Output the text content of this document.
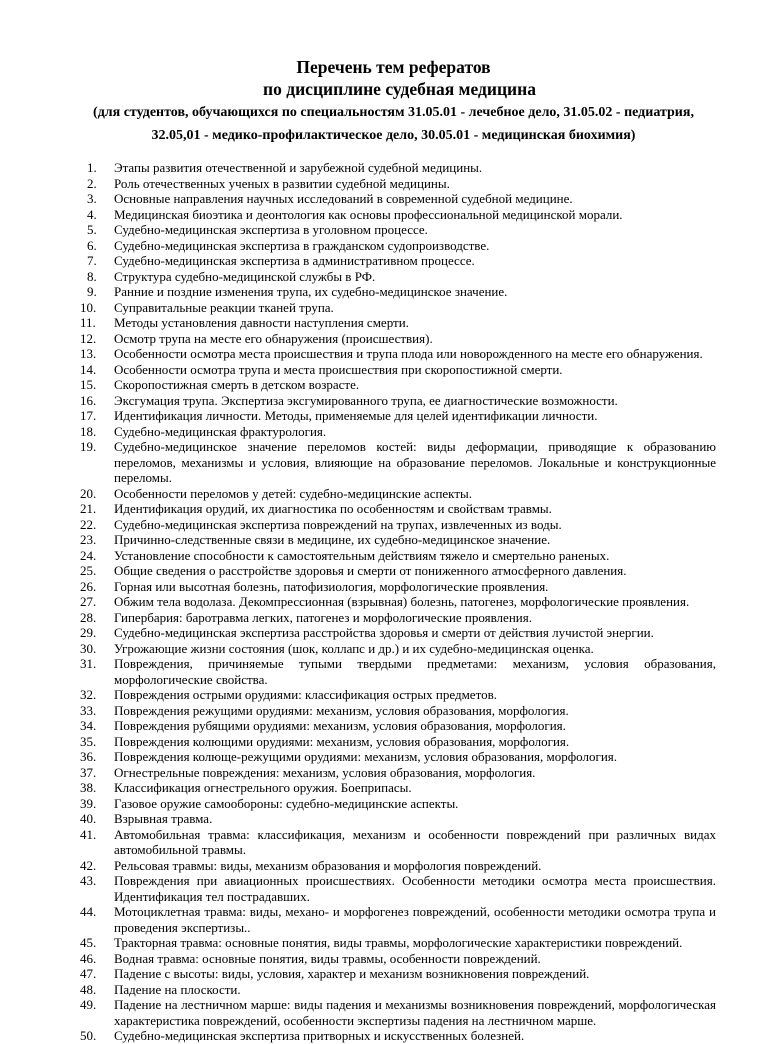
Перечень тем рефератов
по дисциплине судебная медицина
(для студентов, обучающихся по специальностям 31.05.01 - лечебное дело, 31.05.02 - педиатрия,
32.05,01 - медико-профилактическое дело, 30.05.01 - медицинская биохимия)
1.	Этапы развития отечественной и зарубежной судебной медицины.
2.	Роль отечественных ученых в развитии судебной медицины.
3.	Основные направления научных исследований в современной судебной медицине.
4.	Медицинская биоэтика и деонтология как основы профессиональной медицинской морали.
5.	Судебно-медицинская экспертиза в уголовном процессе.
6.	Судебно-медицинская экспертиза в гражданском судопроизводстве.
7.	Судебно-медицинская экспертиза в административном процессе.
8.	Структура судебно-медицинской службы в РФ.
9.	Ранние и поздние изменения трупа, их судебно-медицинское значение.
10.	Суправитальные реакции тканей трупа.
11.	Методы установления давности наступления смерти.
12.	Осмотр трупа на месте его обнаружения (происшествия).
13.	Особенности осмотра места происшествия и трупа плода или новорожденного на месте его обнаружения.
14.	Особенности осмотра трупа и места происшествия при скоропостижной смерти.
15.	Скоропостижная смерть в детском возрасте.
16.	Эксгумация трупа. Экспертиза эксгумированного трупа, ее диагностические возможности.
17.	Идентификация личности. Методы, применяемые для целей идентификации личности.
18.	Судебно-медицинская фрактурология.
19.	Судебно-медицинское значение переломов костей: виды деформации, приводящие к образованию переломов, механизмы и условия, влияющие на образование переломов. Локальные и конструкционные переломы.
20.	Особенности переломов у детей: судебно-медицинские аспекты.
21.	Идентификация орудий, их диагностика по особенностям и свойствам травмы.
22.	Судебно-медицинская экспертиза повреждений на трупах, извлеченных из воды.
23.	Причинно-следственные связи в медицине, их судебно-медицинское значение.
24.	Установление способности к самостоятельным действиям тяжело и смертельно раненых.
25.	Общие сведения о расстройстве здоровья и смерти от пониженного атмосферного давления.
26.	Горная или высотная болезнь, патофизиология, морфологические проявления.
27.	Обжим тела водолаза. Декомпрессионная (взрывная) болезнь, патогенез, морфологические проявления.
28.	Гипербария: баротравма легких, патогенез и морфологические проявления.
29.	Судебно-медицинская экспертиза расстройства здоровья и смерти от действия лучистой энергии.
30.	Угрожающие жизни состояния (шок, коллапс и др.) и их судебно-медицинская оценка.
31.	Повреждения, причиняемые тупыми твердыми предметами: механизм, условия образования, морфологические свойства.
32.	Повреждения острыми орудиями: классификация острых предметов.
33.	Повреждения режущими орудиями: механизм, условия образования, морфология.
34.	Повреждения рубящими орудиями: механизм, условия образования, морфология.
35.	Повреждения колющими орудиями: механизм, условия образования, морфология.
36.	Повреждения колюще-режущими орудиями: механизм, условия образования, морфология.
37.	Огнестрельные повреждения: механизм, условия образования, морфология.
38.	Классификация огнестрельного оружия. Боеприпасы.
39.	Газовое оружие самообороны: судебно-медицинские аспекты.
40.	Взрывная травма.
41.	Автомобильная травма: классификация, механизм и особенности повреждений при различных видах автомобильной травмы.
42.	Рельсовая травмы: виды, механизм образования и морфология повреждений.
43.	Повреждения при авиационных происшествиях. Особенности методики осмотра места происшествия. Идентификация тел пострадавших.
44.	Мотоциклетная травма: виды, механо- и морфогенез повреждений, особенности методики осмотра трупа и проведения экспертизы..
45.	Тракторная травма: основные понятия, виды травмы, морфологические характеристики повреждений.
46.	Водная травма: основные понятия, виды травмы, особенности повреждений.
47.	Падение с высоты: виды, условия, характер и механизм возникновения повреждений.
48.	Падение на плоскости.
49.	Падение на лестничном марше: виды падения и механизмы возникновения повреждений, морфологическая характеристика повреждений, особенности экспертизы падения на лестничном марше.
50.	Судебно-медицинская экспертиза притворных и искусственных болезней.
